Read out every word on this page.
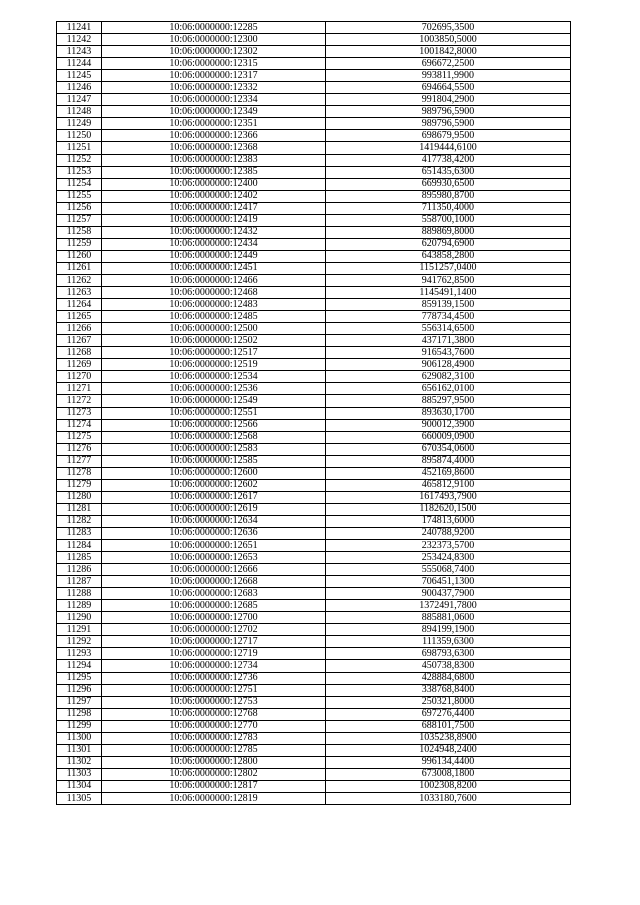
11241	10:06:0000000:12285	702695,3500
11242	10:06:0000000:12300	1003850,5000
11243	10:06:0000000:12302	1001842,8000
11244	10:06:0000000:12315	696672,2500
11245	10:06:0000000:12317	993811,9900
11246	10:06:0000000:12332	694664,5500
11247	10:06:0000000:12334	991804,2900
11248	10:06:0000000:12349	989796,5900
11249	10:06:0000000:12351	989796,5900
11250	10:06:0000000:12366	698679,9500
11251	10:06:0000000:12368	1419444,6100
11252	10:06:0000000:12383	417738,4200
11253	10:06:0000000:12385	651435,6300
11254	10:06:0000000:12400	669930,6500
11255	10:06:0000000:12402	895980,8700
11256	10:06:0000000:12417	711350,4000
11257	10:06:0000000:12419	558700,1000
11258	10:06:0000000:12432	889869,8000
11259	10:06:0000000:12434	620794,6900
11260	10:06:0000000:12449	643858,2800
11261	10:06:0000000:12451	1151257,0400
11262	10:06:0000000:12466	941762,8500
11263	10:06:0000000:12468	1145491,1400
11264	10:06:0000000:12483	859139,1500
11265	10:06:0000000:12485	778734,4500
11266	10:06:0000000:12500	556314,6500
11267	10:06:0000000:12502	437171,3800
11268	10:06:0000000:12517	916543,7600
11269	10:06:0000000:12519	906128,4900
11270	10:06:0000000:12534	629082,3100
11271	10:06:0000000:12536	656162,0100
11272	10:06:0000000:12549	885297,9500
11273	10:06:0000000:12551	893630,1700
11274	10:06:0000000:12566	900012,3900
11275	10:06:0000000:12568	660009,0900
11276	10:06:0000000:12583	670354,0600
11277	10:06:0000000:12585	895874,4000
11278	10:06:0000000:12600	452169,8600
11279	10:06:0000000:12602	465812,9100
11280	10:06:0000000:12617	1617493,7900
11281	10:06:0000000:12619	1182620,1500
11282	10:06:0000000:12634	174813,6000
11283	10:06:0000000:12636	240788,9200
11284	10:06:0000000:12651	232373,5700
11285	10:06:0000000:12653	253424,8300
11286	10:06:0000000:12666	555068,7400
11287	10:06:0000000:12668	706451,1300
11288	10:06:0000000:12683	900437,7900
11289	10:06:0000000:12685	1372491,7800
11290	10:06:0000000:12700	885881,0600
11291	10:06:0000000:12702	894199,1900
11292	10:06:0000000:12717	111359,6300
11293	10:06:0000000:12719	698793,6300
11294	10:06:0000000:12734	450738,8300
11295	10:06:0000000:12736	428884,6800
11296	10:06:0000000:12751	338768,8400
11297	10:06:0000000:12753	250321,8000
11298	10:06:0000000:12768	697276,4400
11299	10:06:0000000:12770	688101,7500
11300	10:06:0000000:12783	1035238,8900
11301	10:06:0000000:12785	1024948,2400
11302	10:06:0000000:12800	996134,4400
11303	10:06:0000000:12802	673008,1800
11304	10:06:0000000:12817	1002308,8200
11305	10:06:0000000:12819	1033180,7600
